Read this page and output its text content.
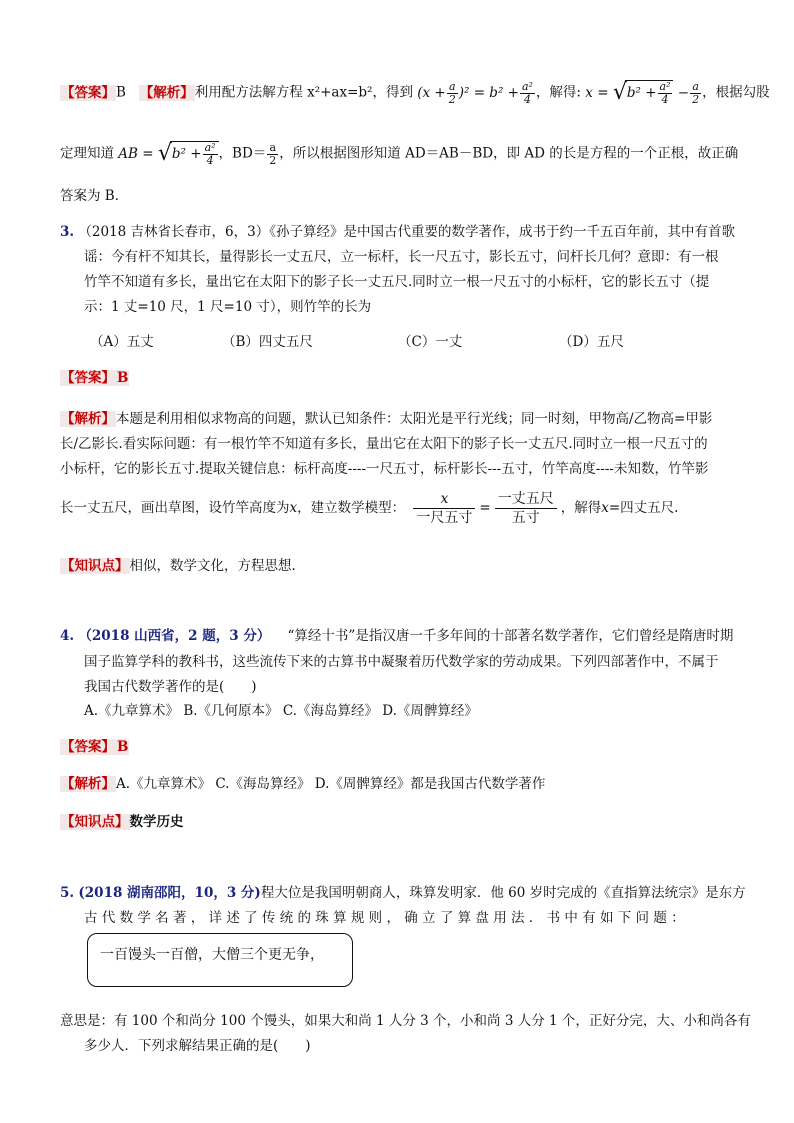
【答案】B 【解析】利用配方法解方程 x²+ax=b²，得到 $(x + \frac{a}{2} )^2 = b^2 + \frac{\text{a²}}{4}$ ，解得: $x = √b^2 + \frac{\text{a²}}{4} - \frac{a}{2}$ ，根据勾股
定理知道 AB = $√b^2 + \frac{\text{a²}}{4}$ ，$BD= \frac{a}{2}$ ，所以根据图形知道 AD＝AB－BD，即 AD 的长是方程的一个正根，故正确
答案为 B．
3. （2018 吉林省长春市，6，3）《孙子算经》是中国古代重要的数学著作，成书于约一千五百年前，其中有首歌
谣：今有杆不知其长，量得影长一丈五尺，立一标杆，长一尺五寸，影长五寸，问杆长几何？意即：有一根
竹竿不知道有多长，量出它在太阳下的影子长一丈五尺.同时立一根一尺五寸的小标杆，它的影长五寸（提
示：1 丈=10 尺，1 尺=10 寸），则竹竿的长为
（A）五丈	（B）四丈五尺	（C）一丈	（D）五尺
【答案】 B
【解析】本题是利用相似求物高的问题，默认已知条件：太阳光是平行光线；同一时刻，甲物高/乙物高=甲影
长/乙影长.看实际问题：有一根竹竿不知道有多长，量出它在太阳下的影子长一丈五尺.同时立一根一尺五寸的
小标杆，它的影长五寸.提取关键信息：标杆高度----一尺五寸，标杆影长---五寸，竹竿高度----未知数，竹竿影
长一丈五尺，画出草图，设竹竿高度为x，建立数学模型：
x
一尺五寸
=
一丈五尺
五寸
，解得x=四丈五尺.
【知识点】相似，数学文化，方程思想.
4. （2018 山西省，2 题，3 分） “算经十书”是指汉唐一千多年间的十部著名数学著作，它们曾经是隋唐时期
国子监算学科的教科书，这些流传下来的古算书中凝聚着历代数学家的劳动成果。下列四部著作中，不属于
我国古代数学著作的是(　　)
A.《九章算术》 B.《几何原本》 C.《海岛算经》 D.《周髀算经》
【答案】 B
【解析】A.《九章算术》 C.《海岛算经》 D.《周髀算经》都是我国古代数学著作
【知识点】数学历史
5. (2018 湖南邵阳，10，3 分)程大位是我国明朝商人，珠算发明家．他 60 岁时完成的《直指算法统宗》是东方
古 代 数 学 名 著 ， 详 述 了 传 统 的 珠 算 规 则 ， 确 立 了 算 盘 用 法 ． 书 中 有 如 下 问 题 ：
一百馒头一百僧，大僧三个更无争，
意思是：有 100 个和尚分 100 个馒头，如果大和尚 1 人分 3 个，小和尚 3 人分 1 个，正好分完，大、小和尚各有
多少人．下列求解结果正确的是(　　)
